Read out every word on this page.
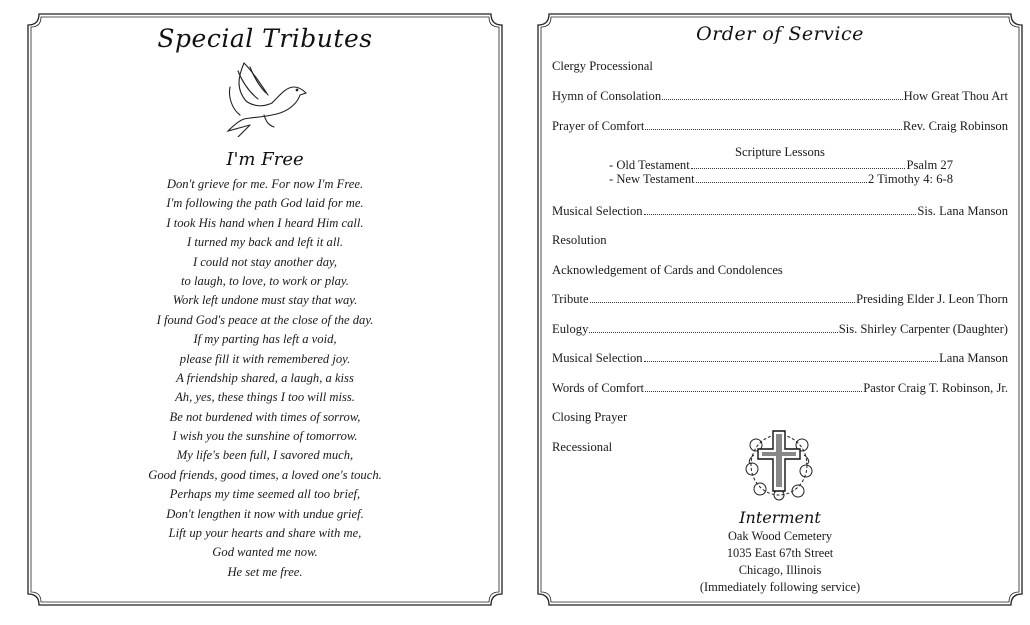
Special Tributes
I'm Free
Don't grieve for me. For now I'm Free.
I'm following the path God laid for me.
I took His hand when I heard Him call.
I turned my back and left it all.
I could not stay another day,
to laugh, to love, to work or play.
Work left undone must stay that way.
I found God's peace at the close of the day.
If my parting has left a void,
please fill it with remembered joy.
A friendship shared, a laugh, a kiss
Ah, yes, these things I too will miss.
Be not burdened with times of sorrow,
I wish you the sunshine of tomorrow.
My life's been full, I savored much,
Good friends, good times, a loved one's touch.
Perhaps my time seemed all too brief,
Don't lengthen it now with undue grief.
Lift up your hearts and share with me,
God wanted me now.
He set me free.
Order of Service
Clergy Processional
Hymn of Consolation	How Great Thou Art
Prayer of Comfort	Rev. Craig Robinson
Musical Selection	Sis. Lana Manson
Resolution
Acknowledgement of Cards and Condolences
Tribute	Presiding Elder J. Leon Thorn
Eulogy	Sis. Shirley Carpenter (Daughter)
Musical Selection	Lana Manson
Words of Comfort	Pastor Craig T. Robinson, Jr.
Closing Prayer
Recessional
Scripture Lessons
- Old Testament	Psalm 27
- New Testament	2 Timothy 4: 6-8
Interment
Oak Wood Cemetery
1035 East 67th Street
Chicago, Illinois
(Immediately following service)
